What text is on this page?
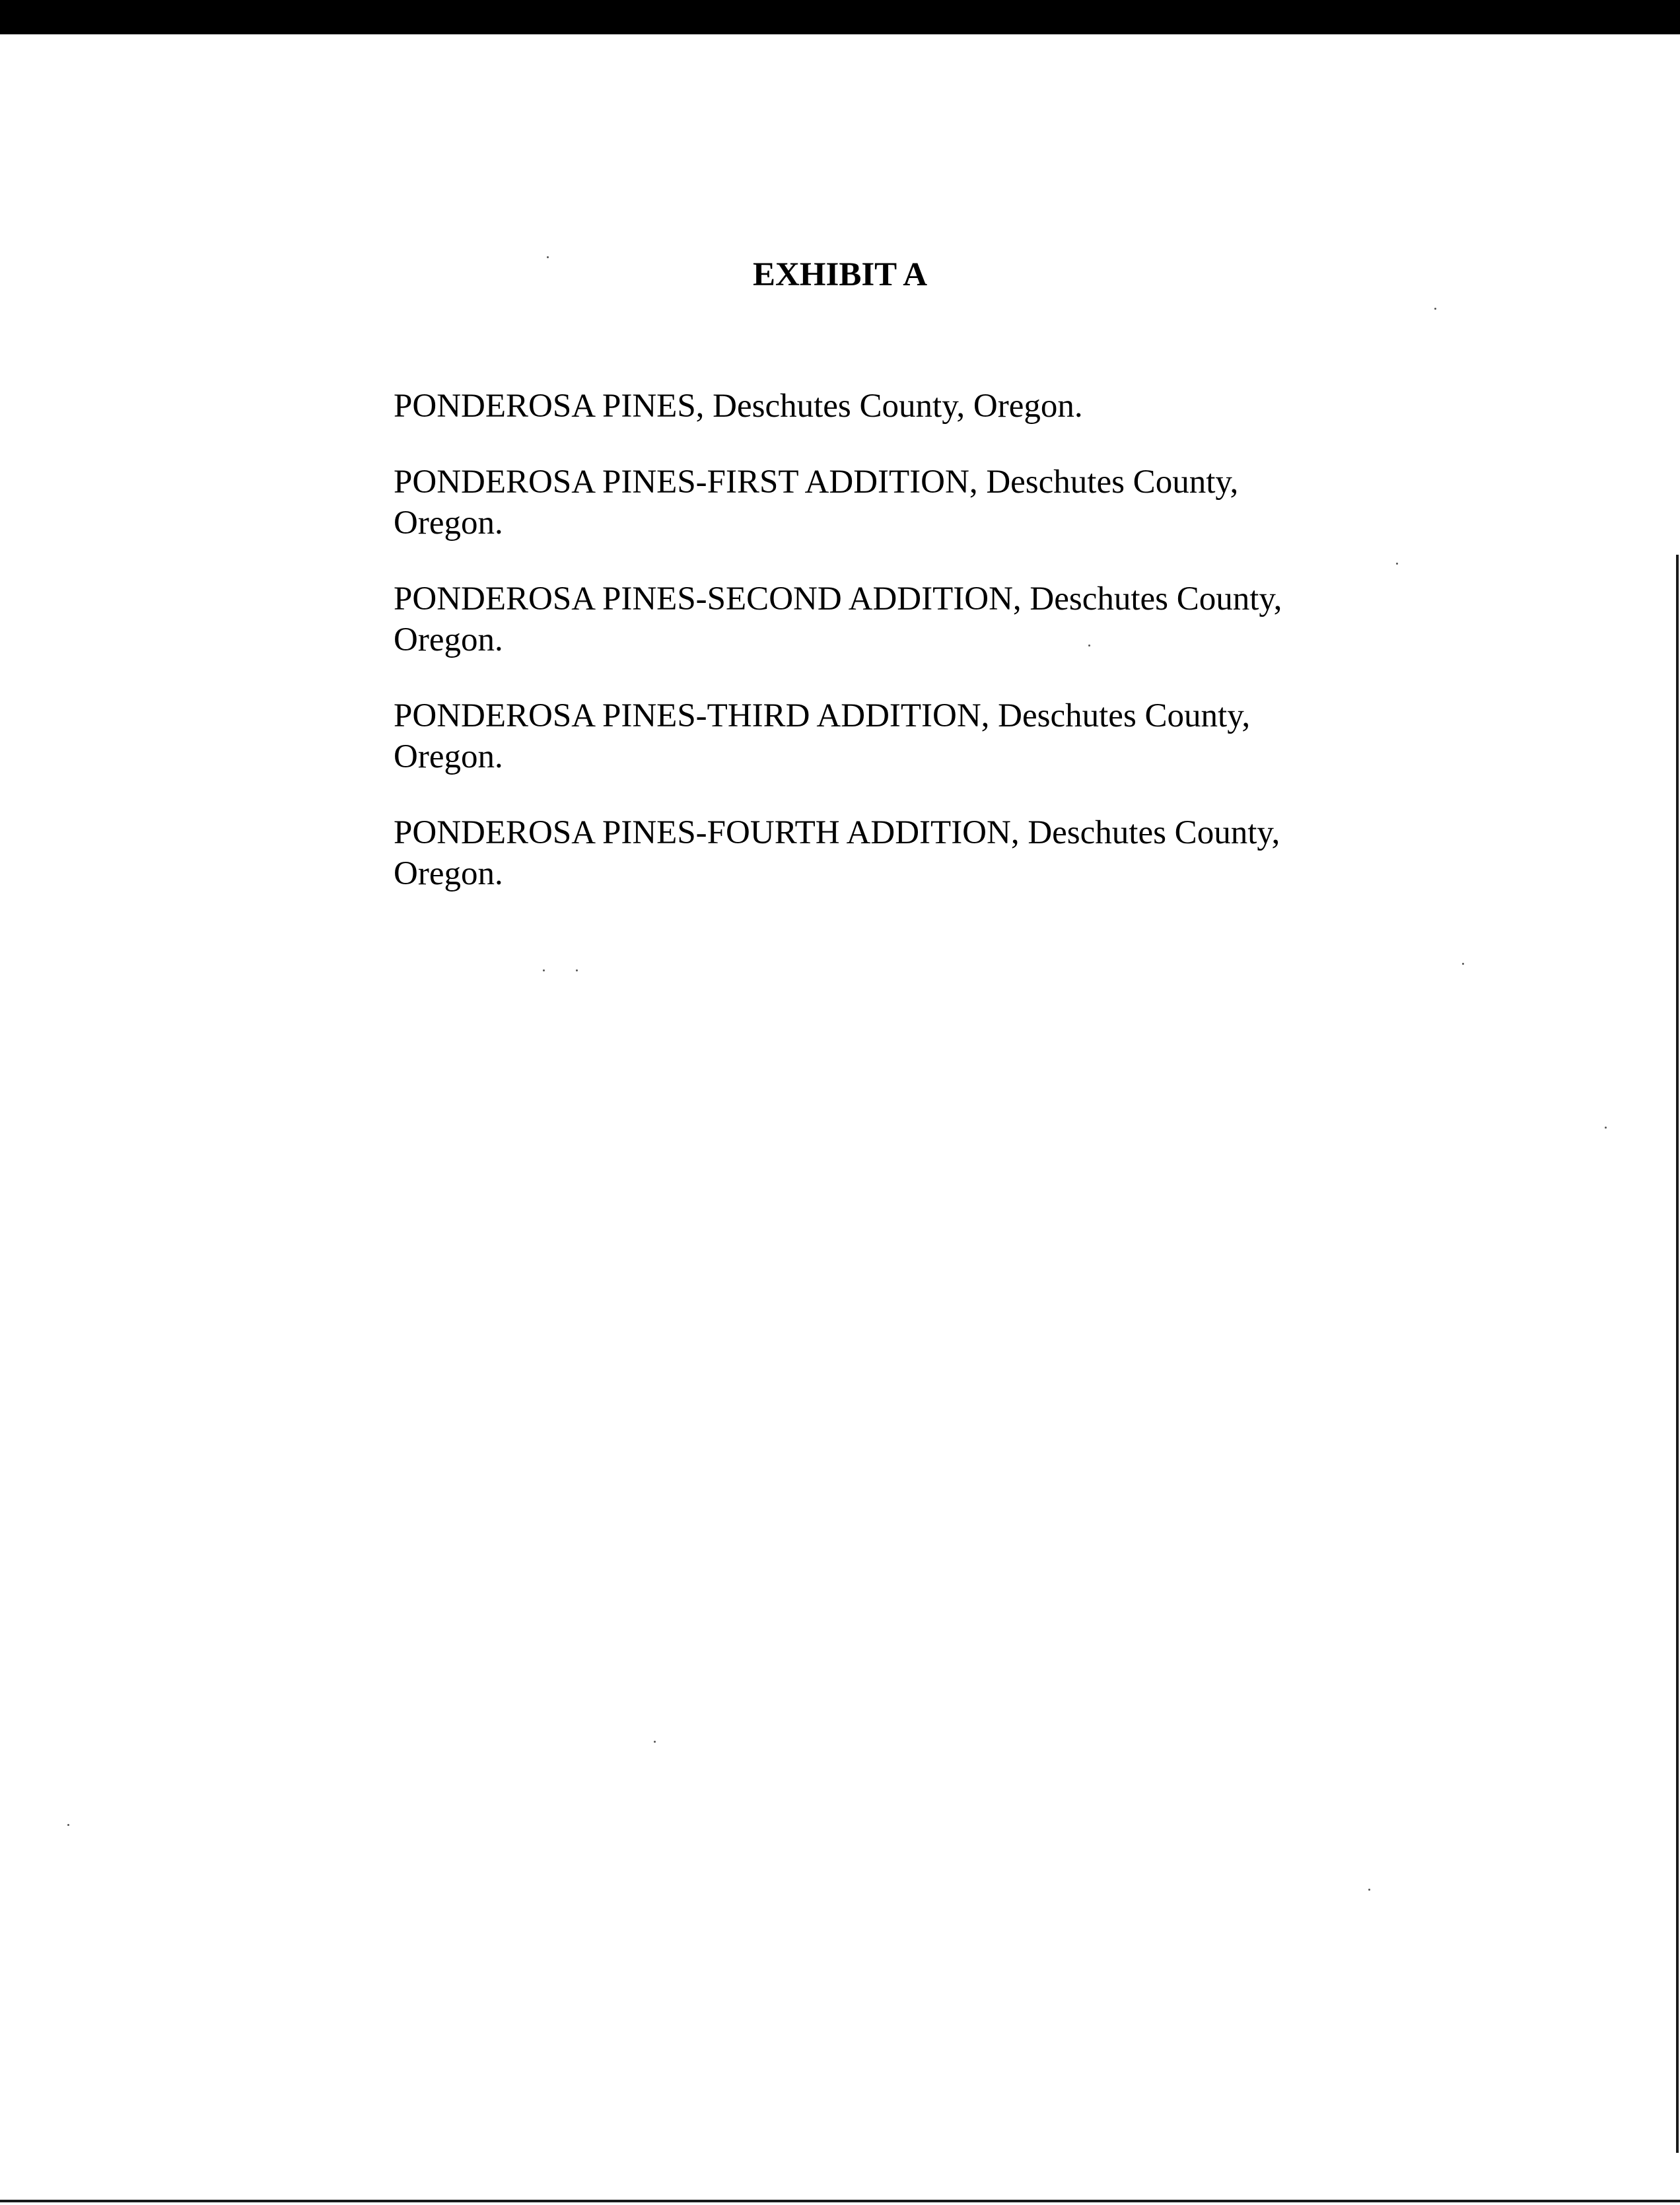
EXHIBIT A

PONDEROSA PINES, Deschutes County, Oregon.

PONDEROSA PINES-FIRST ADDITION, Deschutes County,
Oregon.

PONDEROSA PINES-SECOND ADDITION, Deschutes County,
Oregon.

PONDEROSA PINES-THIRD ADDITION, Deschutes County,
Oregon.

PONDEROSA PINES-FOURTH ADDITION, Deschutes County,
Oregon.
